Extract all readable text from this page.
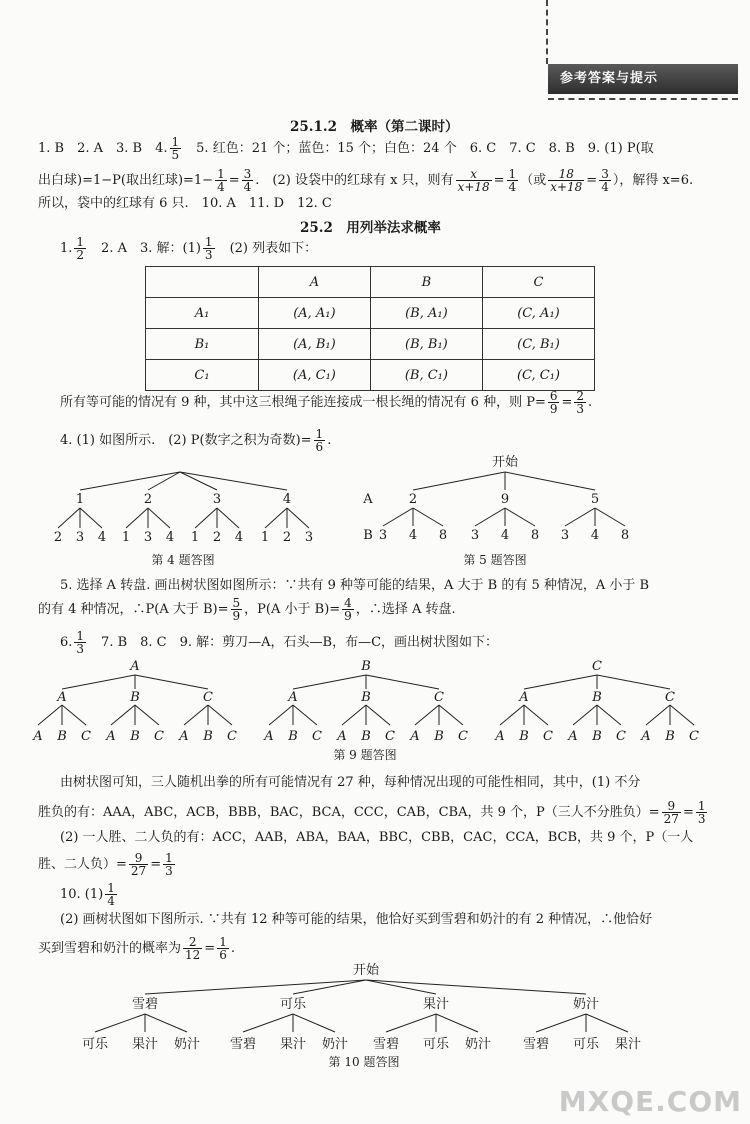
参考答案与提示
25.1.2　概率（第二课时）
1. B　2. A　3. B　4. $\frac{1}{5}$ 　5. 红色：21 个；蓝色：15 个；白色：24 个　6. C　7. C　8. B　9. (1) P(取
出白球)=1−P(取出红球)$=1- \frac{1}{4} = \frac{3}{4}$ .　(2) 设袋中的红球有 x 只，则有 $\frac{x}{x+18} = \frac{1}{4}$ （或 $\frac{18}{x+18} = \frac{3}{4}$ ），解得 x=6.
所以，袋中的红球有 6 只.　10. A　11. D　12. C
25.2　用列举法求概率
1. $\frac{1}{2}$ 　2. A　3. 解：$(1) \frac{1}{3}$ 　(2) 列表如下：
	A	B	C
A₁	(A, A₁)	(B, A₁)	(C, A₁)
B₁	(A, B₁)	(B, B₁)	(C, B₁)
C₁	(A, C₁)	(B, C₁)	(C, C₁)
所有等可能的情况有 9 种，其中这三根绳子能连接成一根长绳的情况有 6 种，则 $P= \frac{6}{9} = \frac{2}{3}$ .
4. (1) 如图所示.　(2) P(数字之积为奇数)= $\frac{1}{6}$ .
1
2 3 4
2
1 3 4
3
1 2 4
4
1 2 3
第 4 题答图
开始
A
B
2
3 4 8
9
3 4 8
5
3 4 8
第 5 题答图
5. 选择 A 转盘. 画出树状图如图所示：∵共有 9 种等可能的结果，A 大于 B 的有 5 种情况，A 小于 B
的有 4 种情况，∴P(A 大于 $B)= \frac{5}{9}$ ，P(A 小于 $B)= \frac{4}{9}$ ，∴选择 A 转盘.
6. $\frac{1}{3}$ 　7. B　8. C　9. 解：剪刀—A，石头—B，布—C，画出树状图如下：
A
A
A B C
B
A B C
C
A B C
B
A
A B C
B
A B C
C
A B C
C
A
A B C
B
A B C
C
A B C
第 9 题答图
由树状图可知，三人随机出拳的所有可能情况有 27 种，每种情况出现的可能性相同，其中，(1) 不分
胜负的有：AAA，ABC，ACB，BBB，BAC，BCA，CCC，CAB，CBA，共 9 个，P（三人不分胜负）= $\frac{9}{27} = \frac{1}{3}$
(2) 一人胜、二人负的有：ACC，AAB，ABA，BAA，BBC，CBB，CAC，CCA，BCB，共 9 个，P（一人
胜、二人负）= $\frac{9}{27} = \frac{1}{3}$
10. $(1) \frac{1}{4}$
(2) 画树状图如下图所示. ∵共有 12 种等可能的结果，他恰好买到雪碧和奶汁的有 2 种情况，∴他恰好
买到雪碧和奶汁的概率为 $\frac{2}{12} = \frac{1}{6}$ .
开始
雪碧
可乐 果汁 奶汁
可乐
雪碧 果汁 奶汁
果汁
雪碧 可乐 奶汁
奶汁
雪碧 可乐 果汁
第 10 题答图
MXQE.COM
